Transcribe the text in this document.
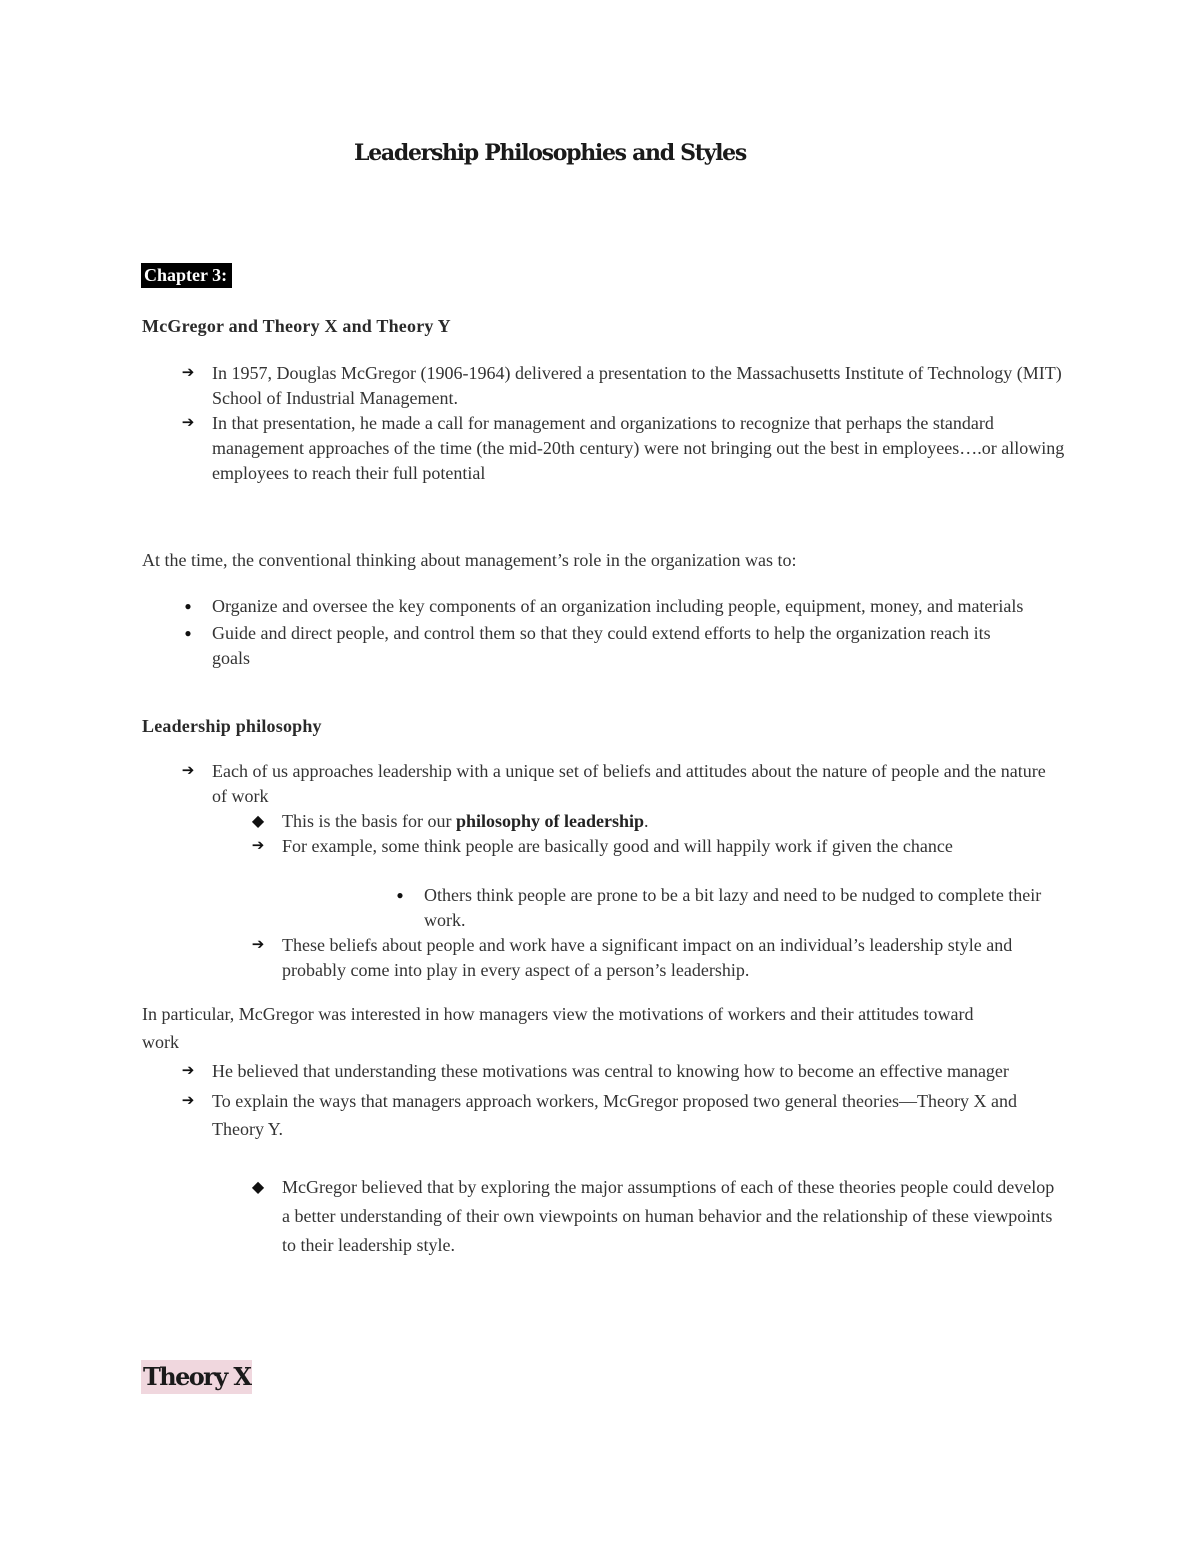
Leadership Philosophies and Styles
Chapter 3:
McGregor and Theory X and Theory Y
➔ In 1957, Douglas McGregor (1906-1964) delivered a presentation to the Massachusetts Institute of Technology (MIT) School of Industrial Management.
➔ In that presentation, he made a call for management and organizations to recognize that perhaps the standard management approaches of the time (the mid-20th century) were not bringing out the best in employees….or allowing employees to reach their full potential
At the time, the conventional thinking about management’s role in the organization was to:
●	Organize and oversee the key components of an organization including people, equipment, money, and materials
●	Guide and direct people, and control them so that they could extend efforts to help the organization reach its goals
Leadership philosophy
➔ Each of us approaches leadership with a unique set of beliefs and attitudes about the nature of people and the nature of work
◆ This is the basis for our philosophy of leadership.
➔ For example, some think people are basically good and will happily work if given the chance
●	Others think people are prone to be a bit lazy and need to be nudged to complete their work.
➔ These beliefs about people and work have a significant impact on an individual’s leadership style and probably come into play in every aspect of a person’s leadership.
In particular, McGregor was interested in how managers view the motivations of workers and their attitudes toward work
➔ He believed that understanding these motivations was central to knowing how to become an effective manager
➔ To explain the ways that managers approach workers, McGregor proposed two general theories—Theory X and Theory Y.
◆ McGregor believed that by exploring the major assumptions of each of these theories people could develop a better understanding of their own viewpoints on human behavior and the relationship of these viewpoints to their leadership style.
Theory X
